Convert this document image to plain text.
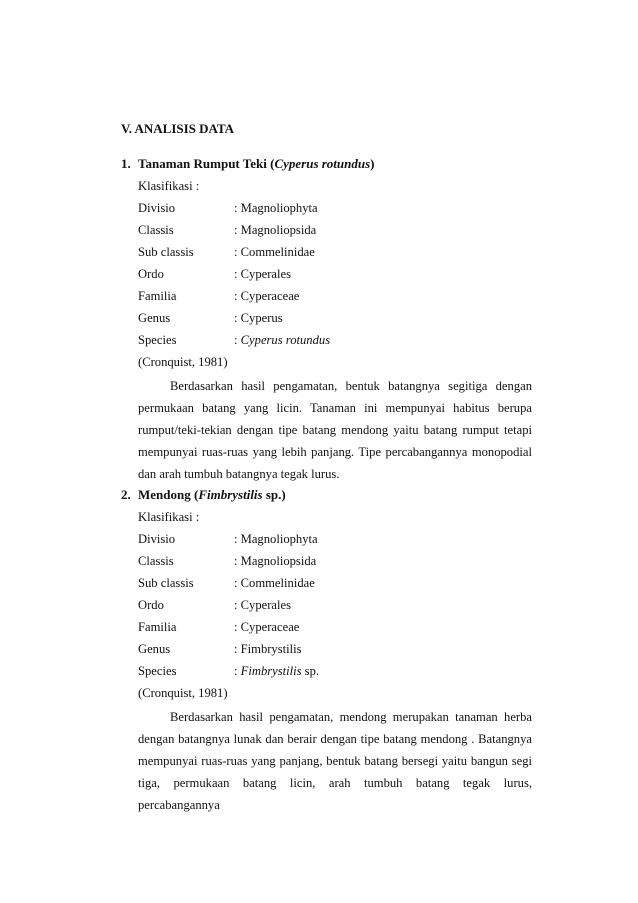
V. ANALISIS DATA
1. Tanaman Rumput Teki (Cyperus rotundus)
Klasifikasi :
Divisio	: Magnoliophyta
Classis	: Magnoliopsida
Sub classis	: Commelinidae
Ordo	: Cyperales
Familia	: Cyperaceae
Genus	: Cyperus
Species	: Cyperus rotundus
(Cronquist, 1981)
Berdasarkan hasil pengamatan, bentuk batangnya segitiga dengan
permukaan batang yang licin. Tanaman ini mempunyai habitus berupa
rumput/teki-tekian dengan tipe batang mendong yaitu batang rumput tetapi
mempunyai ruas-ruas yang lebih panjang. Tipe percabangannya monopodial
dan arah tumbuh batangnya tegak lurus.
2. Mendong (Fimbrystilis sp.)
Klasifikasi :
Divisio	: Magnoliophyta
Classis	: Magnoliopsida
Sub classis	: Commelinidae
Ordo	: Cyperales
Familia	: Cyperaceae
Genus	: Fimbrystilis
Species	: Fimbrystilis sp.
(Cronquist, 1981)
Berdasarkan hasil pengamatan, mendong merupakan tanaman herba
dengan batangnya lunak dan berair dengan tipe batang mendong . Batangnya
mempunyai ruas-ruas yang panjang, bentuk batang bersegi yaitu bangun segi
tiga, permukaan batang licin, arah tumbuh batang tegak lurus, percabangannya
